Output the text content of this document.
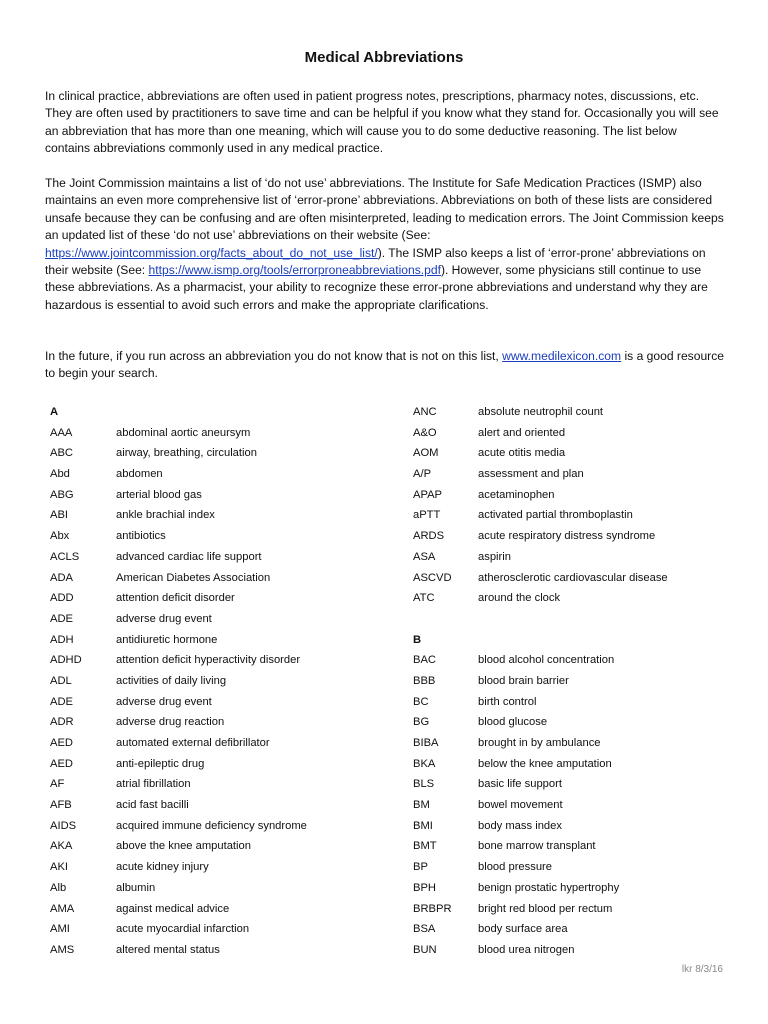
Medical Abbreviations

In clinical practice, abbreviations are often used in patient progress notes, prescriptions, pharmacy notes, discussions, etc. They are often used by practitioners to save time and can be helpful if you know what they stand for. Occasionally you will see an abbreviation that has more than one meaning, which will cause you to do some deductive reasoning. The list below contains abbreviations commonly used in any medical practice.

The Joint Commission maintains a list of ‘do not use’ abbreviations. The Institute for Safe Medication Practices (ISMP) also maintains an even more comprehensive list of ‘error-prone’ abbreviations. Abbreviations on both of these lists are considered unsafe because they can be confusing and are often misinterpreted, leading to medication errors. The Joint Commission keeps an updated list of these ‘do not use’ abbreviations on their website (See: https://www.jointcommission.org/facts_about_do_not_use_list/). The ISMP also keeps a list of ‘error-prone’ abbreviations on their website (See: https://www.ismp.org/tools/errorproneabbreviations.pdf). However, some physicians still continue to use these abbreviations. As a pharmacist, your ability to recognize these error-prone abbreviations and understand why they are hazardous is essential to avoid such errors and make the appropriate clarifications.

In the future, if you run across an abbreviation you do not know that is not on this list, www.medilexicon.com is a good resource to begin your search.

A
AAA	abdominal aortic aneursym
ABC	airway, breathing, circulation
Abd	abdomen
ABG	arterial blood gas
ABI	ankle brachial index
Abx	antibiotics
ACLS	advanced cardiac life support
ADA	American Diabetes Association
ADD	attention deficit disorder
ADE	adverse drug event
ADH	antidiuretic hormone
ADHD	attention deficit hyperactivity disorder
ADL	activities of daily living
ADE	adverse drug event
ADR	adverse drug reaction
AED	automated external defibrillator
AED	anti-epileptic drug
AF	atrial fibrillation
AFB	acid fast bacilli
AIDS	acquired immune deficiency syndrome
AKA	above the knee amputation
AKI	acute kidney injury
Alb	albumin
AMA	against medical advice
AMI	acute myocardial infarction
AMS	altered mental status
ANC	absolute neutrophil count
A&O	alert and oriented
AOM	acute otitis media
A/P	assessment and plan
APAP	acetaminophen
aPTT	activated partial thromboplastin
ARDS	acute respiratory distress syndrome
ASA	aspirin
ASCVD atherosclerotic cardiovascular disease
ATC	around the clock
B
BAC	blood alcohol concentration
BBB	blood brain barrier
BC	birth control
BG	blood glucose
BIBA	brought in by ambulance
BKA	below the knee amputation
BLS	basic life support
BM	bowel movement
BMI	body mass index
BMT	bone marrow transplant
BP	blood pressure
BPH	benign prostatic hypertrophy
BRBPR bright red blood per rectum
BSA	body surface area
BUN	blood urea nitrogen
lkr 8/3/16
